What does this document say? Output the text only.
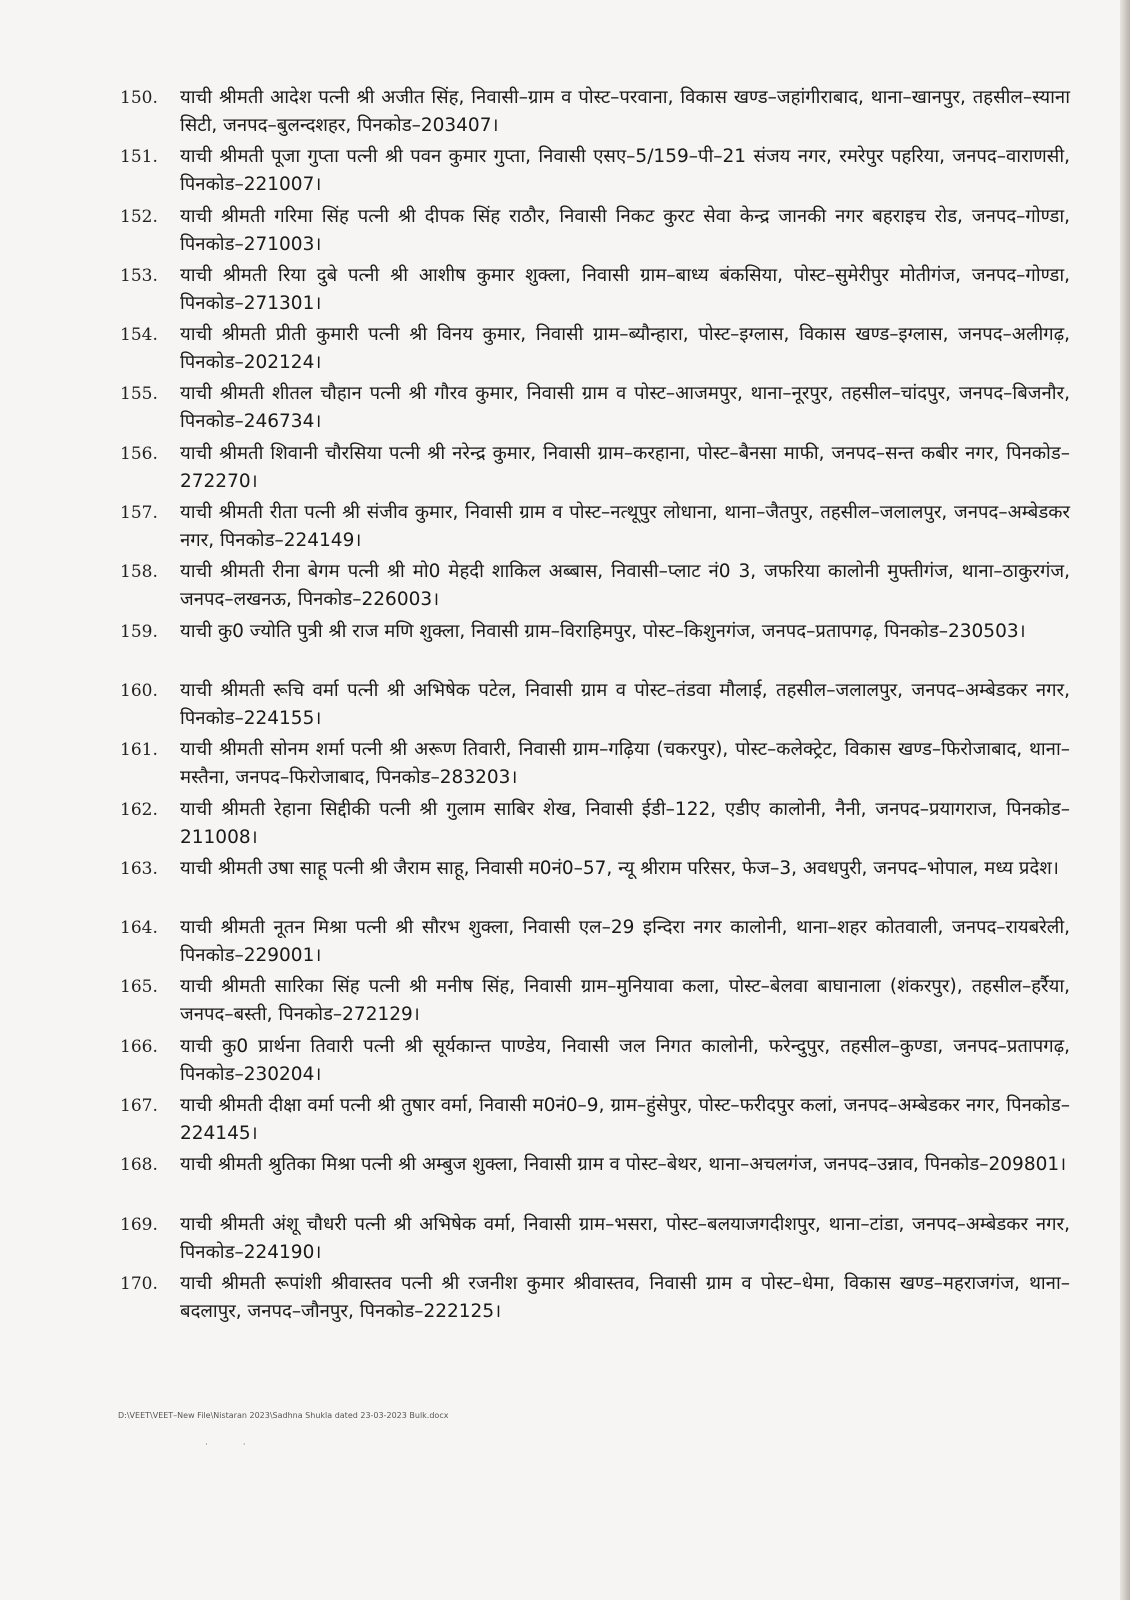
150.	याची श्रीमती आदेश पत्नी श्री अजीत सिंह, निवासी–ग्राम व पोस्ट–परवाना, विकास खण्ड–जहांगीराबाद, थाना–खानपुर, तहसील–स्याना सिटी, जनपद–बुलन्दशहर, पिनकोड–203407।
151.	याची श्रीमती पूजा गुप्ता पत्नी श्री पवन कुमार गुप्ता, निवासी एसए–5/159–पी–21 संजय नगर, रमरेपुर पहरिया, जनपद–वाराणसी, पिनकोड–221007।
152.	याची श्रीमती गरिमा सिंह पत्नी श्री दीपक सिंह राठौर, निवासी निकट कुरट सेवा केन्द्र जानकी नगर बहराइच रोड, जनपद–गोण्डा, पिनकोड–271003।
153.	याची श्रीमती रिया दुबे पत्नी श्री आशीष कुमार शुक्ला, निवासी ग्राम–बाध्य बंकसिया, पोस्ट–सुमेरीपुर मोतीगंज, जनपद–गोण्डा, पिनकोड–271301।
154.	याची श्रीमती प्रीती कुमारी पत्नी श्री विनय कुमार, निवासी ग्राम–ब्यौन्हारा, पोस्ट–इग्लास, विकास खण्ड–इग्लास, जनपद–अलीगढ़, पिनकोड–202124।
155.	याची श्रीमती शीतल चौहान पत्नी श्री गौरव कुमार, निवासी ग्राम व पोस्ट–आजमपुर, थाना–नूरपुर, तहसील–चांदपुर, जनपद–बिजनौर, पिनकोड–246734।
156.	याची श्रीमती शिवानी चौरसिया पत्नी श्री नरेन्द्र कुमार, निवासी ग्राम–करहाना, पोस्ट–बैनसा माफी, जनपद–सन्त कबीर नगर, पिनकोड–272270।
157.	याची श्रीमती रीता पत्नी श्री संजीव कुमार, निवासी ग्राम व पोस्ट–नत्थूपुर लोधाना, थाना–जैतपुर, तहसील–जलालपुर, जनपद–अम्बेडकर नगर, पिनकोड–224149।
158.	याची श्रीमती रीना बेगम पत्नी श्री मो0 मेहदी शाकिल अब्बास, निवासी–प्लाट नं0 3, जफरिया कालोनी मुफ्तीगंज, थाना–ठाकुरगंज, जनपद–लखनऊ, पिनकोड–226003।
159.	याची कु0 ज्योति पुत्री श्री राज मणि शुक्ला, निवासी ग्राम–विराहिमपुर, पोस्ट–किशुनगंज, जनपद–प्रतापगढ़, पिनकोड–230503।
160.	याची श्रीमती रूचि वर्मा पत्नी श्री अभिषेक पटेल, निवासी ग्राम व पोस्ट–तंडवा मौलाई, तहसील–जलालपुर, जनपद–अम्बेडकर नगर, पिनकोड–224155।
161.	याची श्रीमती सोनम शर्मा पत्नी श्री अरूण तिवारी, निवासी ग्राम–गढ़िया (चकरपुर), पोस्ट–कलेक्ट्रेट, विकास खण्ड–फिरोजाबाद, थाना–मस्तैना, जनपद–फिरोजाबाद, पिनकोड–283203।
162.	याची श्रीमती रेहाना सिद्दीकी पत्नी श्री गुलाम साबिर शेख, निवासी ईडी–122, एडीए कालोनी, नैनी, जनपद–प्रयागराज, पिनकोड–211008।
163.	याची श्रीमती उषा साहू पत्नी श्री जैराम साहू, निवासी म0नं0–57, न्यू श्रीराम परिसर, फेज–3, अवधपुरी, जनपद–भोपाल, मध्य प्रदेश।
164.	याची श्रीमती नूतन मिश्रा पत्नी श्री सौरभ शुक्ला, निवासी एल–29 इन्दिरा नगर कालोनी, थाना–शहर कोतवाली, जनपद–रायबरेली, पिनकोड–229001।
165.	याची श्रीमती सारिका सिंह पत्नी श्री मनीष सिंह, निवासी ग्राम–मुनियावा कला, पोस्ट–बेलवा बाघानाला (शंकरपुर), तहसील–हर्रैया, जनपद–बस्ती, पिनकोड–272129।
166.	याची कु0 प्रार्थना तिवारी पत्नी श्री सूर्यकान्त पाण्डेय, निवासी जल निगत कालोनी, फरेन्दुपुर, तहसील–कुण्डा, जनपद–प्रतापगढ़, पिनकोड–230204।
167.	याची श्रीमती दीक्षा वर्मा पत्नी श्री तुषार वर्मा, निवासी म0नं0–9, ग्राम–हुंसेपुर, पोस्ट–फरीदपुर कलां, जनपद–अम्बेडकर नगर, पिनकोड–224145।
168.	याची श्रीमती श्रुतिका मिश्रा पत्नी श्री अम्बुज शुक्ला, निवासी ग्राम व पोस्ट–बेथर, थाना–अचलगंज, जनपद–उन्नाव, पिनकोड–209801।
169.	याची श्रीमती अंशू चौधरी पत्नी श्री अभिषेक वर्मा, निवासी ग्राम–भसरा, पोस्ट–बलयाजगदीशपुर, थाना–टांडा, जनपद–अम्बेडकर नगर, पिनकोड–224190।
170.	याची श्रीमती रूपांशी श्रीवास्तव पत्नी श्री रजनीश कुमार श्रीवास्तव, निवासी ग्राम व पोस्ट–धेमा, विकास खण्ड–महराजगंज, थाना–बदलापुर, जनपद–जौनपुर, पिनकोड–222125।
D:\VEET\VEET–New File\Nistaran 2023\Sadhna Shukla dated 23-03-2023 Bulk.docx
· ·
